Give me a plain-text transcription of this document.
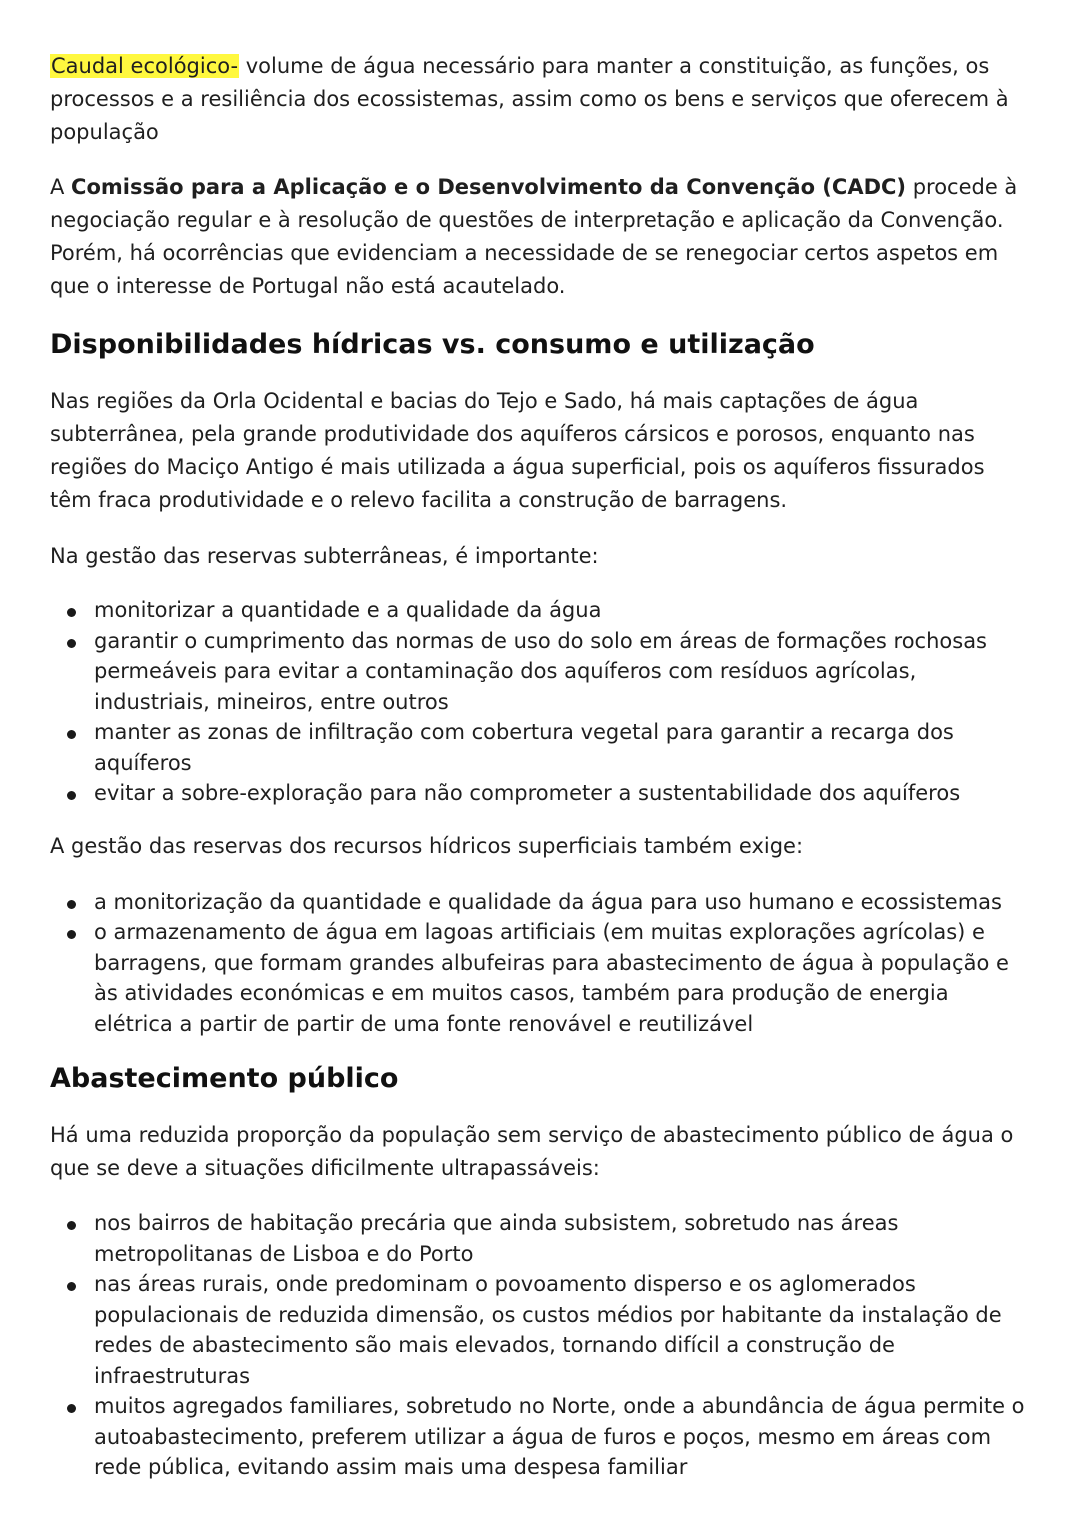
Caudal ecológico- volume de água necessário para manter a constituição, as funções, os processos e a resiliência dos ecossistemas, assim como os bens e serviços que oferecem à população

A Comissão para a Aplicação e o Desenvolvimento da Convenção (CADC) procede à negociação regular e à resolução de questões de interpretação e aplicação da Convenção. Porém, há ocorrências que evidenciam a necessidade de se renegociar certos aspetos em que o interesse de Portugal não está acautelado.

Disponibilidades hídricas vs. consumo e utilização

Nas regiões da Orla Ocidental e bacias do Tejo e Sado, há mais captações de água subterrânea, pela grande produtividade dos aquíferos cársicos e porosos, enquanto nas regiões do Maciço Antigo é mais utilizada a água superficial, pois os aquíferos fissurados têm fraca produtividade e o relevo facilita a construção de barragens.

Na gestão das reservas subterrâneas, é importante:

monitorizar a quantidade e a qualidade da água
garantir o cumprimento das normas de uso do solo em áreas de formações rochosas permeáveis para evitar a contaminação dos aquíferos com resíduos agrícolas, industriais, mineiros, entre outros
manter as zonas de infiltração com cobertura vegetal para garantir a recarga dos aquíferos
evitar a sobre-exploração para não comprometer a sustentabilidade dos aquíferos

A gestão das reservas dos recursos hídricos superficiais também exige:

a monitorização da quantidade e qualidade da água para uso humano e ecossistemas
o armazenamento de água em lagoas artificiais (em muitas explorações agrícolas) e barragens, que formam grandes albufeiras para abastecimento de água à população e às atividades económicas e em muitos casos, também para produção de energia elétrica a partir de partir de uma fonte renovável e reutilizável
Abastecimento público

Há uma reduzida proporção da população sem serviço de abastecimento público de água o que se deve a situações dificilmente ultrapassáveis:

nos bairros de habitação precária que ainda subsistem, sobretudo nas áreas metropolitanas de Lisboa e do Porto
nas áreas rurais, onde predominam o povoamento disperso e os aglomerados populacionais de reduzida dimensão, os custos médios por habitante da instalação de redes de abastecimento são mais elevados, tornando difícil a construção de infraestruturas
muitos agregados familiares, sobretudo no Norte, onde a abundância de água permite o autoabastecimento, preferem utilizar a água de furos e poços, mesmo em áreas com rede pública, evitando assim mais uma despesa familiar
